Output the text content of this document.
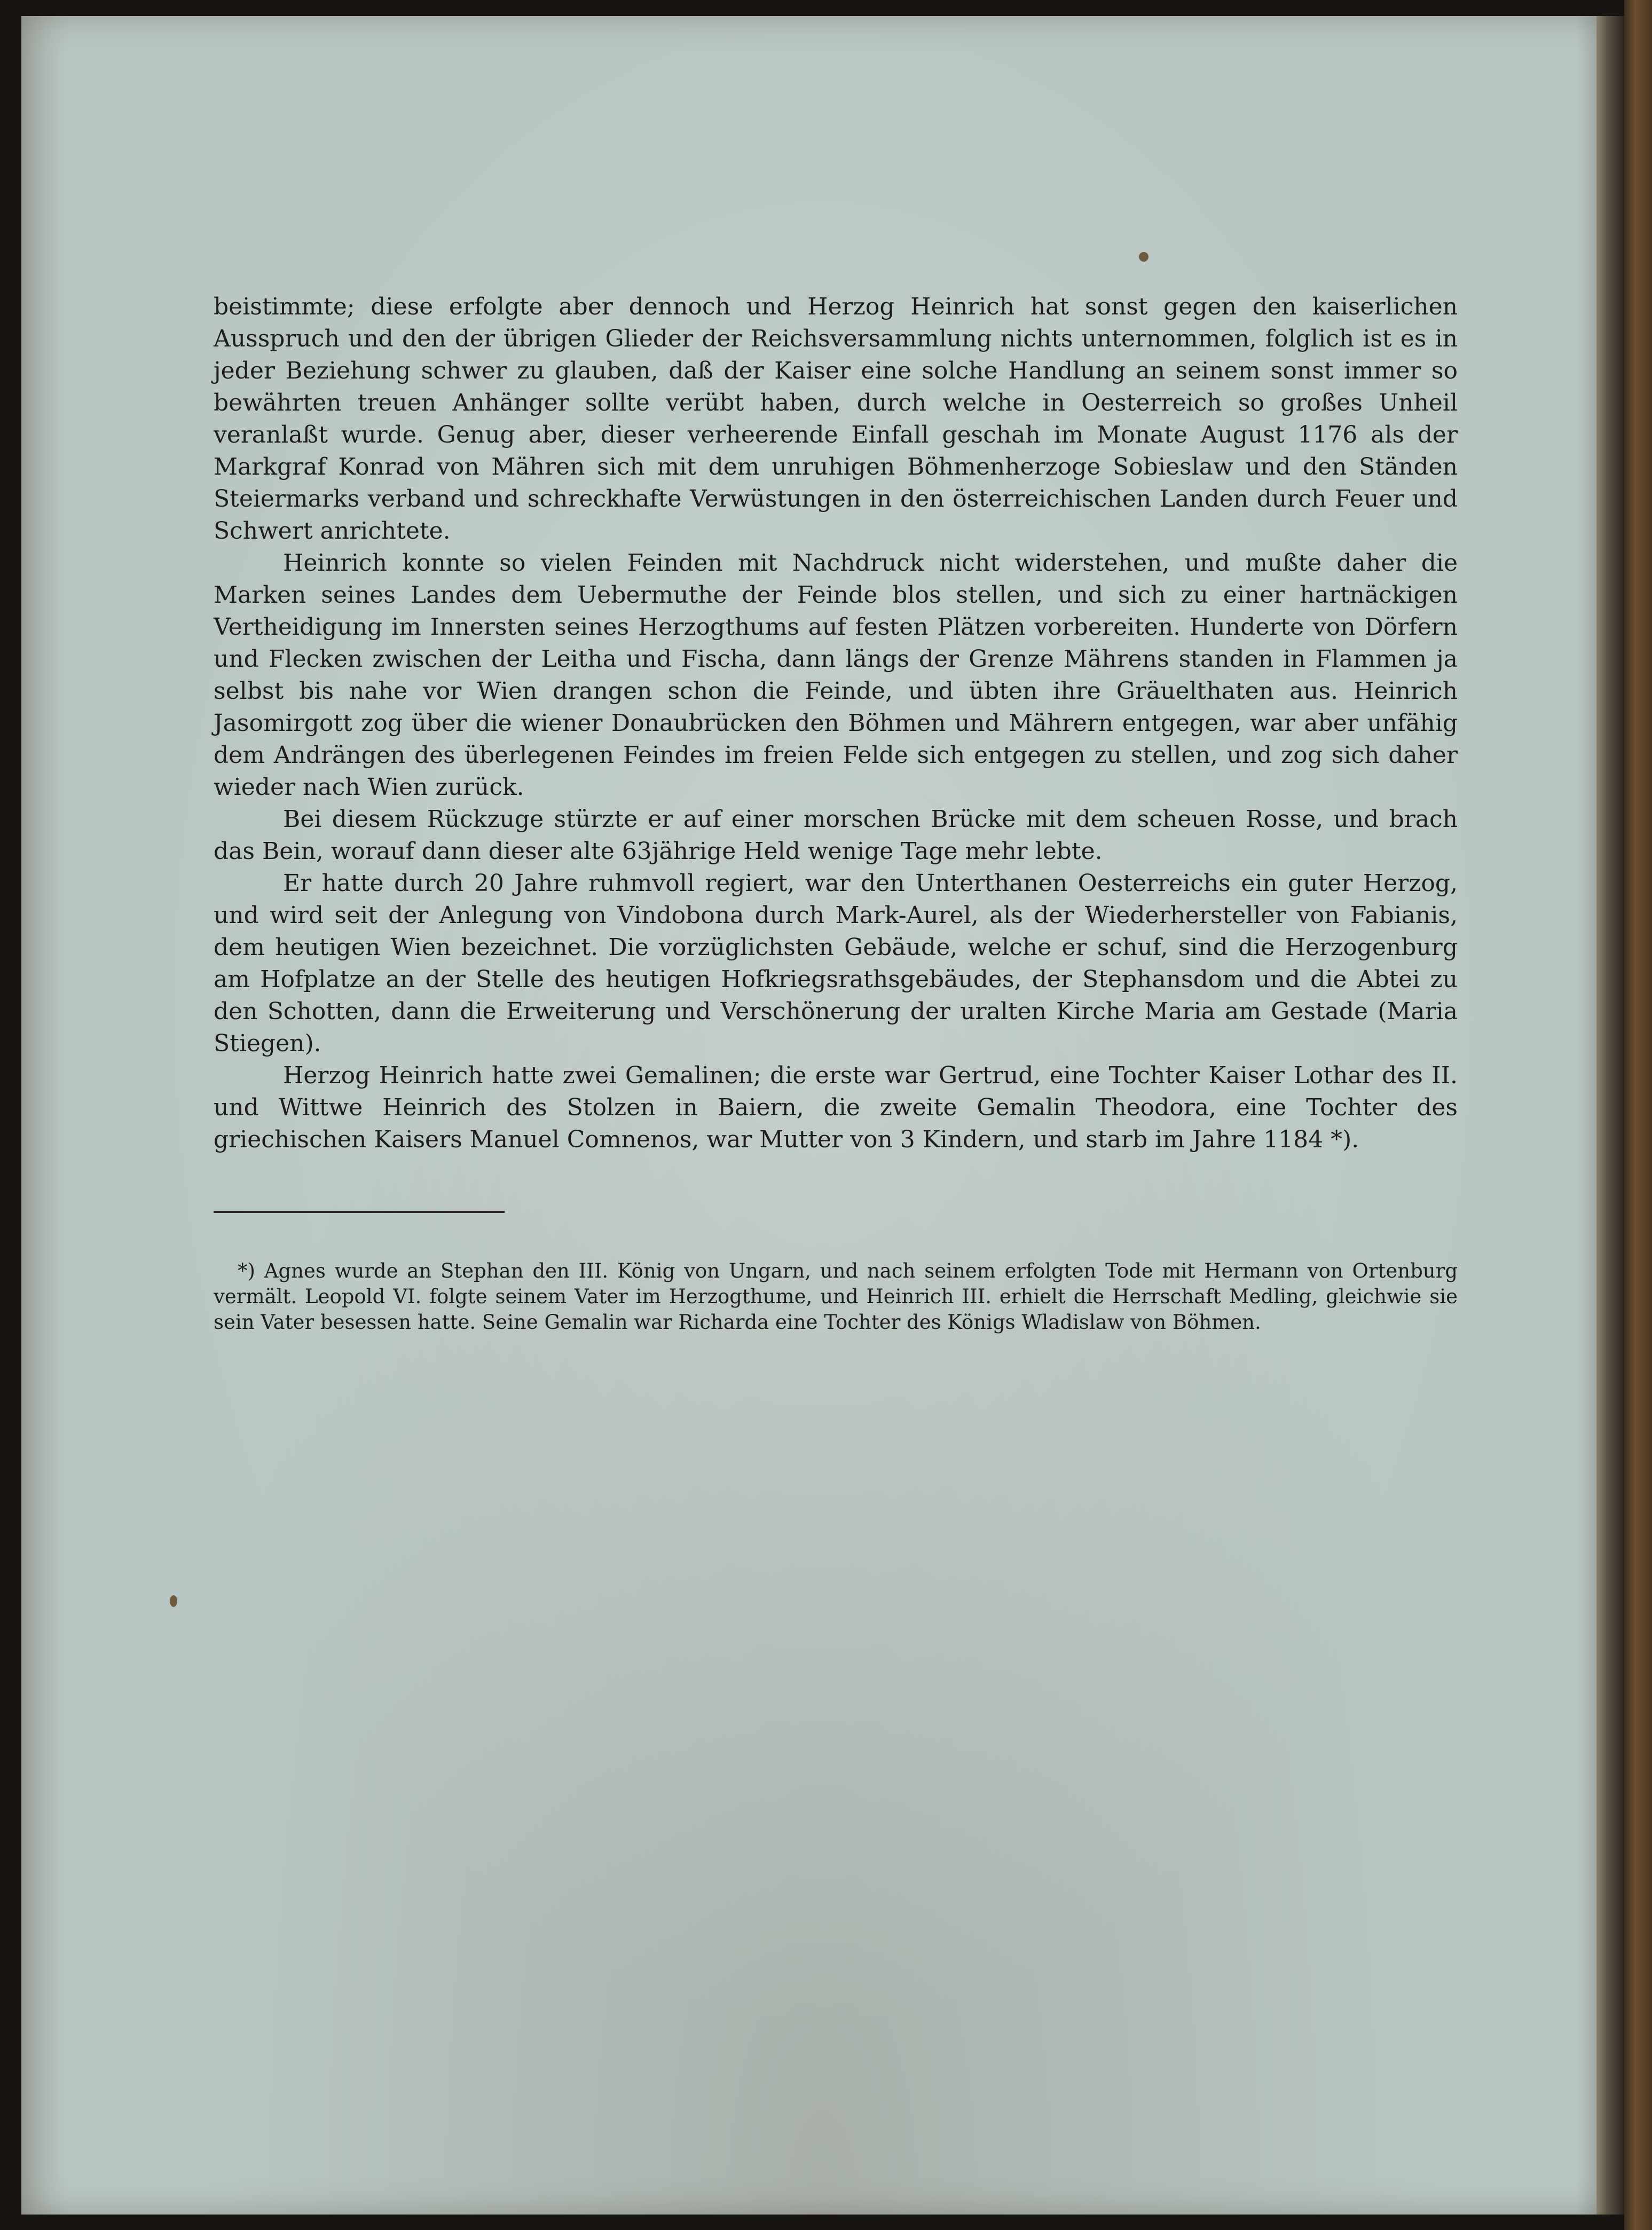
beistimmte; diese erfolgte aber dennoch und Herzog Heinrich hat sonst gegen den kaiserlichen Ausspruch und den der übrigen Glieder der Reichsversammlung nichts unternommen, folglich ist es in jeder Beziehung schwer zu glauben, daß der Kaiser eine solche Handlung an seinem sonst immer so bewährten treuen Anhänger sollte verübt haben, durch welche in Oesterreich so großes Unheil veranlaßt wurde. Genug aber, dieser verheerende Einfall geschah im Monate August 1176 als der Markgraf Konrad von Mähren sich mit dem unruhigen Böhmenherzoge Sobieslaw und den Ständen Steiermarks verband und schreckhafte Verwüstungen in den österreichischen Landen durch Feuer und Schwert anrichtete.

Heinrich konnte so vielen Feinden mit Nachdruck nicht widerstehen, und mußte daher die Marken seines Landes dem Uebermuthe der Feinde blos stellen, und sich zu einer hartnäckigen Vertheidigung im Innersten seines Herzogthums auf festen Plätzen vorbereiten. Hunderte von Dörfern und Flecken zwischen der Leitha und Fischa, dann längs der Grenze Mährens standen in Flammen ja selbst bis nahe vor Wien drangen schon die Feinde, und übten ihre Gräuelthaten aus. Heinrich Jasomirgott zog über die wiener Donaubrücken den Böhmen und Mährern entgegen, war aber unfähig dem Andrängen des überlegenen Feindes im freien Felde sich entgegen zu stellen, und zog sich daher wieder nach Wien zurück.

Bei diesem Rückzuge stürzte er auf einer morschen Brücke mit dem scheuen Rosse, und brach das Bein, worauf dann dieser alte 63jährige Held wenige Tage mehr lebte.

Er hatte durch 20 Jahre ruhmvoll regiert, war den Unterthanen Oesterreichs ein guter Herzog, und wird seit der Anlegung von Vindobona durch Mark-Aurel, als der Wiederhersteller von Fabianis, dem heutigen Wien bezeichnet. Die vorzüglichsten Gebäude, welche er schuf, sind die Herzogenburg am Hofplatze an der Stelle des heutigen Hofkriegsrathsgebäudes, der Stephansdom und die Abtei zu den Schotten, dann die Erweiterung und Verschönerung der uralten Kirche Maria am Gestade (Maria Stiegen).

Herzog Heinrich hatte zwei Gemalinen; die erste war Gertrud, eine Tochter Kaiser Lothar des II. und Wittwe Heinrich des Stolzen in Baiern, die zweite Gemalin Theodora, eine Tochter des griechischen Kaisers Manuel Comnenos, war Mutter von 3 Kindern, und starb im Jahre 1184 *).

*) Agnes wurde an Stephan den III. König von Ungarn, und nach seinem erfolgten Tode mit Hermann von Ortenburg vermält. Leopold VI. folgte seinem Vater im Herzogthume, und Heinrich III. erhielt die Herrschaft Medling, gleichwie sie sein Vater besessen hatte. Seine Gemalin war Richarda eine Tochter des Königs Wladislaw von Böhmen.
